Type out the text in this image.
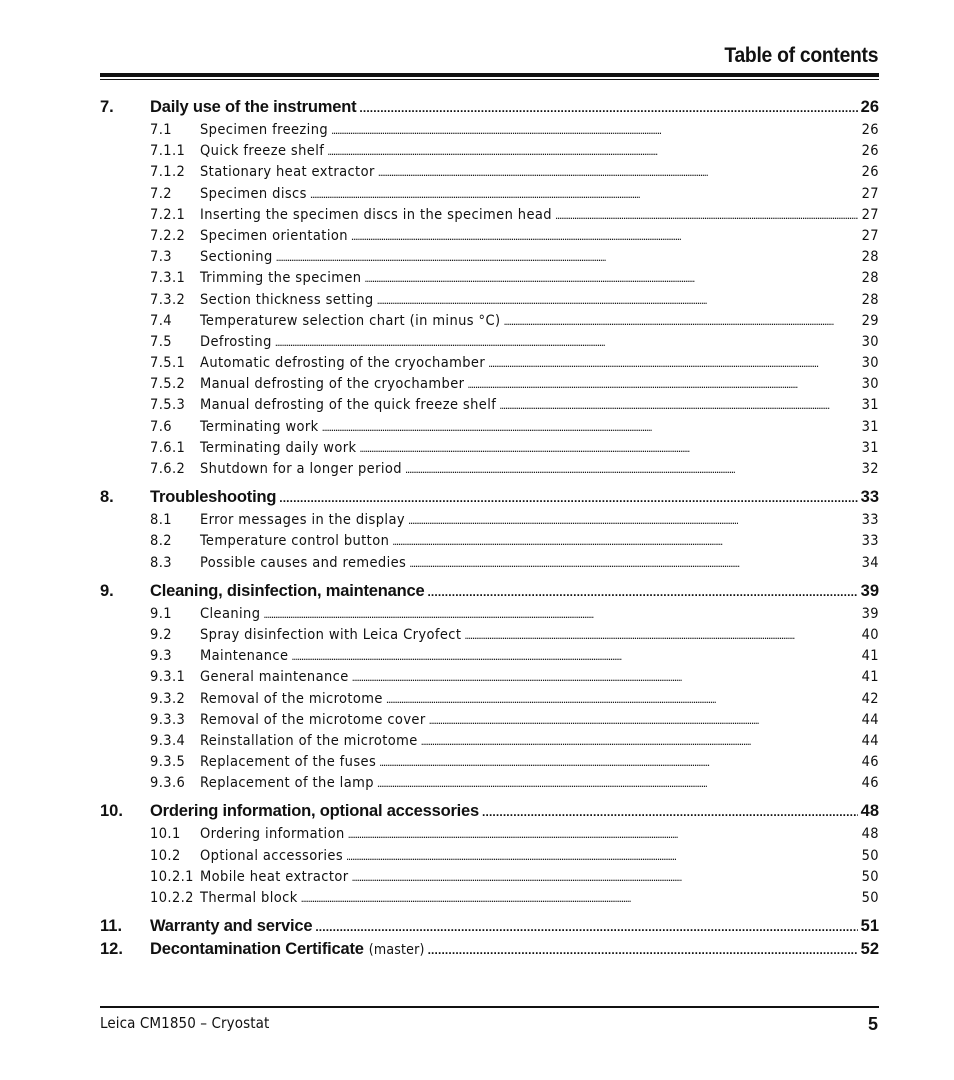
Table of contents
7.	Daily use of the instrument . . .	26
7.1	Specimen freezing . . .	26
7.1.1	Quick freeze shelf . . .	26
7.1.2	Stationary heat extractor . . .	26
7.2	Specimen discs . . .	27
7.2.1	Inserting the specimen discs in the specimen head . . .	27
7.2.2	Specimen orientation . . .	27
7.3	Sectioning . . .	28
7.3.1	Trimming the specimen . . .	28
7.3.2	Section thickness setting . . .	28
7.4	Temperaturew selection chart (in minus °C) . . .	29
7.5	Defrosting . . .	30
7.5.1	Automatic defrosting of the cryochamber . . .	30
7.5.2	Manual defrosting of the cryochamber . . .	30
7.5.3	Manual defrosting of the quick freeze shelf . . .	31
7.6	Terminating work . . .	31
7.6.1	Terminating daily work . . .	31
7.6.2	Shutdown for a longer period . . .	32
8.	Troubleshooting . . .	33
8.1	Error messages in the display . . .	33
8.2	Temperature control button . . .	33
8.3	Possible causes and remedies . . .	34
9.	Cleaning, disinfection, maintenance . . .	39
9.1	Cleaning . . .	39
9.2	Spray disinfection with Leica Cryofect . . .	40
9.3	Maintenance . . .	41
9.3.1	General maintenance . . .	41
9.3.2	Removal of the microtome . . .	42
9.3.3	Removal of the microtome cover . . .	44
9.3.4	Reinstallation of the microtome . . .	44
9.3.5	Replacement of the fuses . . .	46
9.3.6	Replacement of the lamp . . .	46
10.	Ordering information, optional accessories . . .	48
10.1	Ordering information . . .	48
10.2	Optional accessories . . .	50
10.2.1 Mobile heat extractor . . .	50
10.2.2 Thermal block . . .	50
11.	Warranty and service . . .	51
12.	Decontamination Certificate (master) . . .	52
Leica CM1850 – Cryostat	5
